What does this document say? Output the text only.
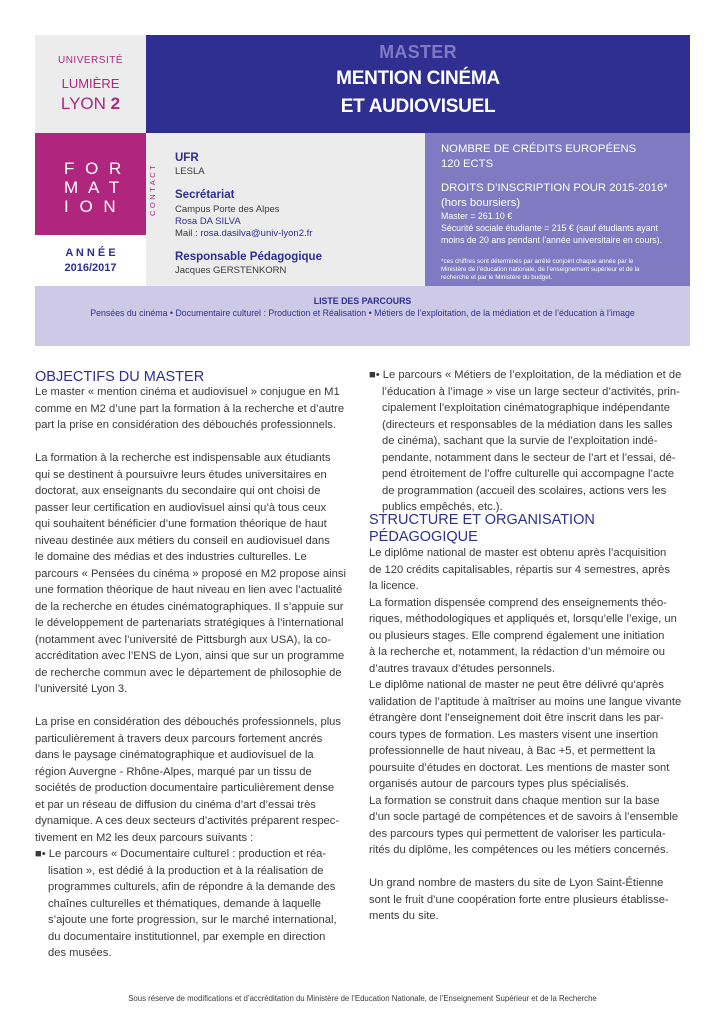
UNIVERSITÉ
LUMIÈRE
LYON 2
MASTER
MENTION CINÉMA
ET AUDIOVISUEL
F O R
M A T
I O N
A N N É E
2016/2017
CONTACT
UFR
LESLA
Secrétariat
Campus Porte des Alpes
Rosa DA SILVA
Mail : rosa.dasilva@univ-lyon2.fr
Responsable Pédagogique
Jacques GERSTENKORN
NOMBRE DE CRÉDITS EUROPÉENS
120 ECTS
DROITS D’INSCRIPTION POUR 2015-2016*
(hors boursiers)
Master = 261.10 €
Sécurité sociale étudiante = 215 € (sauf étudiants ayant
moins de 20 ans pendant l’année universitaire en cours).
*ces chiffres sont déterminés par arrêté conjoint chaque année par le
Ministère de l’éducation nationale, de l’enseignement supérieur et de la
recherche et par le Ministère du budget.
LISTE DES PARCOURS
Pensées du cinéma • Documentaire culturel : Production et Réalisation • Métiers de l’exploitation, de la médiation et de l’éducation à l’image
OBJECTIFS DU MASTER
Le master « mention cinéma et audiovisuel » conjugue en M1
comme en M2 d’une part la formation à la recherche et d’autre
part la prise en considération des débouchés professionnels.
La formation à la recherche est indispensable aux étudiants
qui se destinent à poursuivre leurs études universitaires en
doctorat, aux enseignants du secondaire qui ont choisi de
passer leur certification en audiovisuel ainsi qu’à tous ceux
qui souhaitent bénéficier d’une formation théorique de haut
niveau destinée aux métiers du conseil en audiovisuel dans
le domaine des médias et des industries culturelles. Le
parcours « Pensées du cinéma » proposé en M2 propose ainsi
une formation théorique de haut niveau en lien avec l’actualité
de la recherche en études cinématographiques. Il s’appuie sur
le développement de partenariats stratégiques à l’international
(notamment avec l’université de Pittsburgh aux USA), la co-
accréditation avec l’ENS de Lyon, ainsi que sur un programme
de recherche commun avec le département de philosophie de
l’université Lyon 3.
La prise en considération des débouchés professionnels, plus
particulièrement à travers deux parcours fortement ancrés
dans le paysage cinématographique et audiovisuel de la
région Auvergne - Rhône-Alpes, marqué par un tissu de
sociétés de production documentaire particulièrement dense
et par un réseau de diffusion du cinéma d’art d’essai très
dynamique. A ces deux secteurs d’activités préparent respec-
tivement en M2 les deux parcours suivants :
■• Le parcours « Documentaire culturel : production et réa-
lisation », est dédié à la production et à la réalisation de
programmes culturels, afin de répondre à la demande des
chaînes culturelles et thématiques, demande à laquelle
s’ajoute une forte progression, sur le marché international,
du documentaire institutionnel, par exemple en direction
des musées.
■• Le parcours « Métiers de l’exploitation, de la médiation et de
l’éducation à l’image » vise un large secteur d’activités, prin-
cipalement l’exploitation cinématographique indépendante
(directeurs et responsables de la médiation dans les salles
de cinéma), sachant que la survie de l’exploitation indé-
pendante, notamment dans le secteur de l’art et l’essai, dé-
pend étroitement de l’offre culturelle qui accompagne l’acte
de programmation (accueil des scolaires, actions vers les
publics empêchés, etc.).
STRUCTURE ET ORGANISATION
PÉDAGOGIQUE
Le diplôme national de master est obtenu après l’acquisition
de 120 crédits capitalisables, répartis sur 4 semestres, après
la licence.
La formation dispensée comprend des enseignements théo-
riques, méthodologiques et appliqués et, lorsqu’elle l’exige, un
ou plusieurs stages. Elle comprend également une initiation
à la recherche et, notamment, la rédaction d’un mémoire ou
d’autres travaux d’études personnels.
Le diplôme national de master ne peut être délivré qu’après
validation de l’aptitude à maîtriser au moins une langue vivante
étrangère dont l’enseignement doit être inscrit dans les par-
cours types de formation. Les masters visent une insertion
professionnelle de haut niveau, à Bac +5, et permettent la
poursuite d’études en doctorat. Les mentions de master sont
organisés autour de parcours types plus spécialisés.
La formation se construit dans chaque mention sur la base
d’un socle partagé de compétences et de savoirs à l’ensemble
des parcours types qui permettent de valoriser les particula-
rités du diplôme, les compétences ou les métiers concernés.
Un grand nombre de masters du site de Lyon Saint-Étienne
sont le fruit d’une coopération forte entre plusieurs établisse-
ments du site.
Sous réserve de modifications et d’accréditation du Ministère de l’Education Nationale, de l’Enseignement Supérieur et de la Recherche
